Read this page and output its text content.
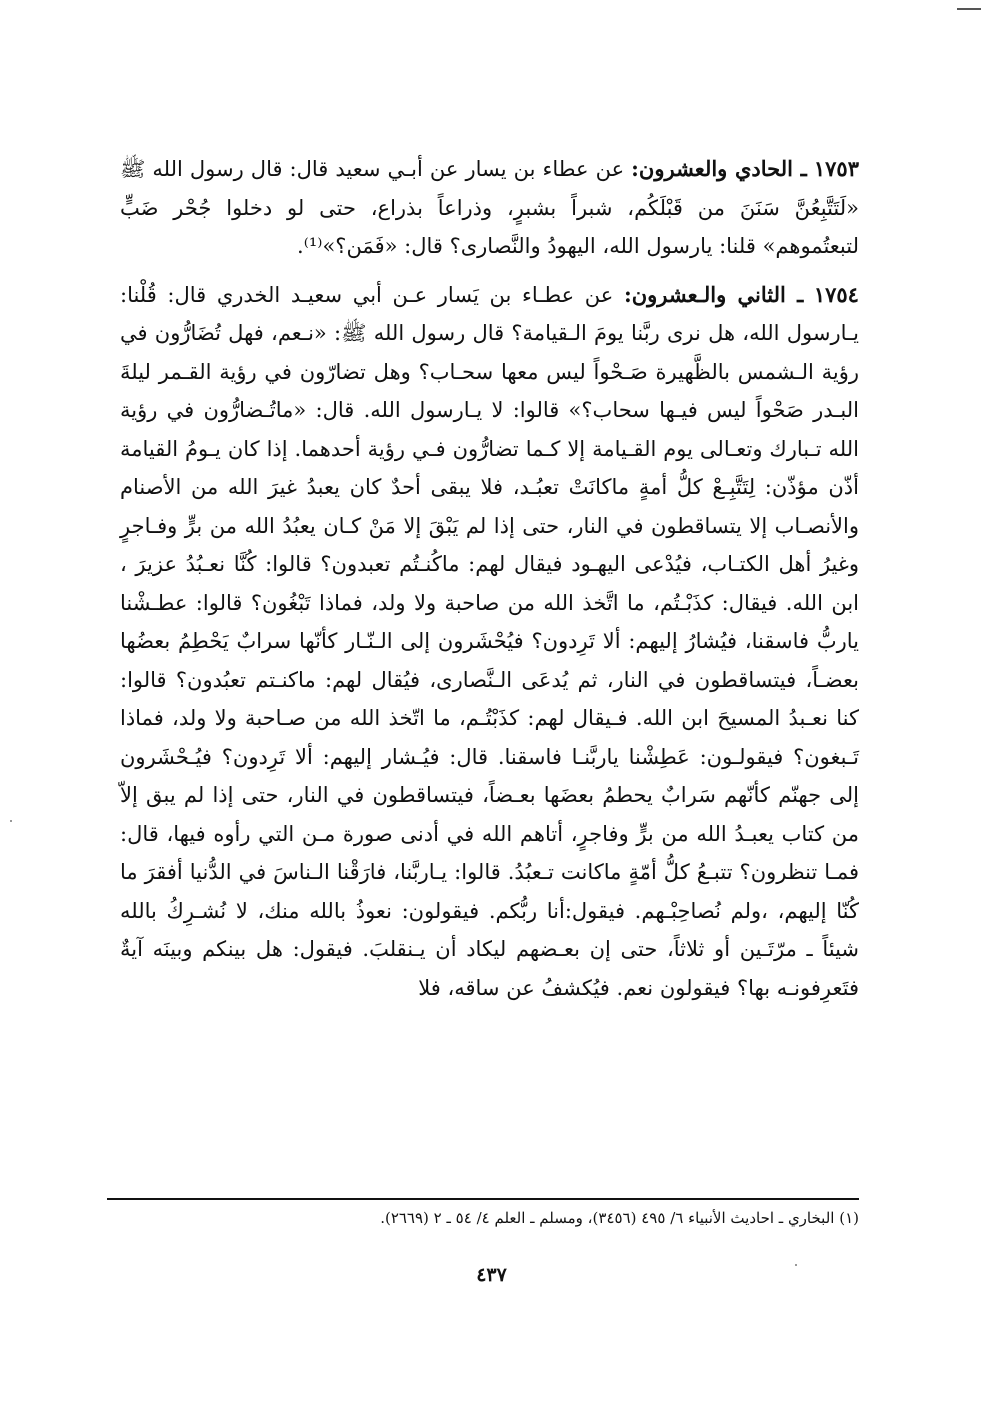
١٧٥٣ ـ الحادي والعشرون: عن عطاء بن يسار عن أبـي سعيد قال: قال رسول الله ﷺ «لَتَتَّبِعُنَّ سَنَنَ من قَبْلَكُم، شبراً بشبرٍ، وذراعاً بذراع، حتى لو دخلوا جُحْر ضَبٍّ لتبعتُموهم» قلنا: يارسول الله، اليهودُ والنَّصارى؟ قال: «فَمَن؟»⁽¹⁾.

١٧٥٤ ـ الثاني والـعشرون: عن عطـاء بن يَسار عـن أبي سعيـد الخدري قال: قُلْنا: يـارسول الله، هل نرى ربَّنا يومَ الـقيامة؟ قال رسول الله ﷺ: «نـعم، فهل تُضَارُّون في رؤية الـشمس بالظَّهيرة صَـحْواً ليس معها سحـاب؟ وهل تضارّون في رؤية القـمر ليلةَ البـدر صَحْواً ليس فيـها سحاب؟» قالوا: لا يـارسول الله. قال: «ماتُـضارُّون في رؤية الله تـبارك وتعـالى يوم القـيامة إلا كـما تضارُّون فـي رؤية أحدهما. إذا كان يـومُ القيامة أذّن مؤذّن: لِتَتَّبِـعْ كلُّ أمةٍ ماكانَتْ تعبُـد، فلا يبقى أحدٌ كان يعبدُ غيرَ الله من الأصنام والأنصـاب إلا يتساقطون في النار، حتى إذا لم يَبْقَ إلا مَنْ كـان يعبُدُ الله من برٍّ وفـاجرٍ وغيرُ أهل الكتـاب، فيُدْعى اليهـود فيقال لهم: ماكُنـتُم تعبدون؟ قالوا: كُنَّا نعـبُدُ عزيرَ ، ابن الله. فيقال: كذَبْـتُم، ما اتَّخذ الله من صاحبة ولا ولد، فماذا تَبْغُون؟ قالوا: عطـشْنا ياربُّ فاسقنا، فيُشارُ إليهم: ألا تَرِدون؟ فيُحْشَرون إلى الـنّـار كأنّها سرابٌ يَحْطِمُ بعضُها بعضـاً، فيتساقطون في النار، ثم يُدعَى الـنَّصارى، فيُقال لهم: ماكنـتم تعبُدون؟ قالوا: كنا نعـبدُ المسيحَ ابن الله. فـيقال لهم: كذَبْتُـم، ما اتّخذ الله من صـاحبة ولا ولد، فماذا تَـبغون؟ فيقولـون: عَطِشْنا ياربَّنـا فاسقنا. قال: فيُـشار إليهم: ألا تَرِدون؟ فيُـحْشَرون إلى جهنّم كأنّهم سَرابٌ يحطمُ بعضَها بعـضاً، فيتساقطون في النار، حتى إذا لم يبق إلاّ من كتاب يعبـدُ الله من برٍّ وفاجرٍ، أتاهم الله في أدنى صورة مـن التي رأوه فيها، قال: فمـا تنظرون؟ تتبـعُ كلُّ أمّةٍ ماكانت تـعبُدُ. قالوا: يـاربَّنا، فارَقْنا الـناسَ في الدُّنيا أفقرَ ما كُنّا إليهم، ،ولم نُصاحِبْـهم. فيقول:أنا ربُّكم. فيقولون: نعوذُ بالله منك، لا نُشـرِكُ بالله شيئاً ـ مرّتَـين أو ثلاثاً، حتى إن بعـضهم ليكاد أن يـنقلبَ. فيقول: هل بينكم وبينَه آيةٌ فتَعرِفونـه بها؟ فيقولون نعم. فيُكشفُ عن ساقه، فلا

(١) البخاري ـ احاديث الأنبياء ٦/ ٤٩٥ (٣٤٥٦)، ومسلم ـ العلم ٤/ ٥٤ ـ ٢ (٢٦٦٩).

٤٣٧
